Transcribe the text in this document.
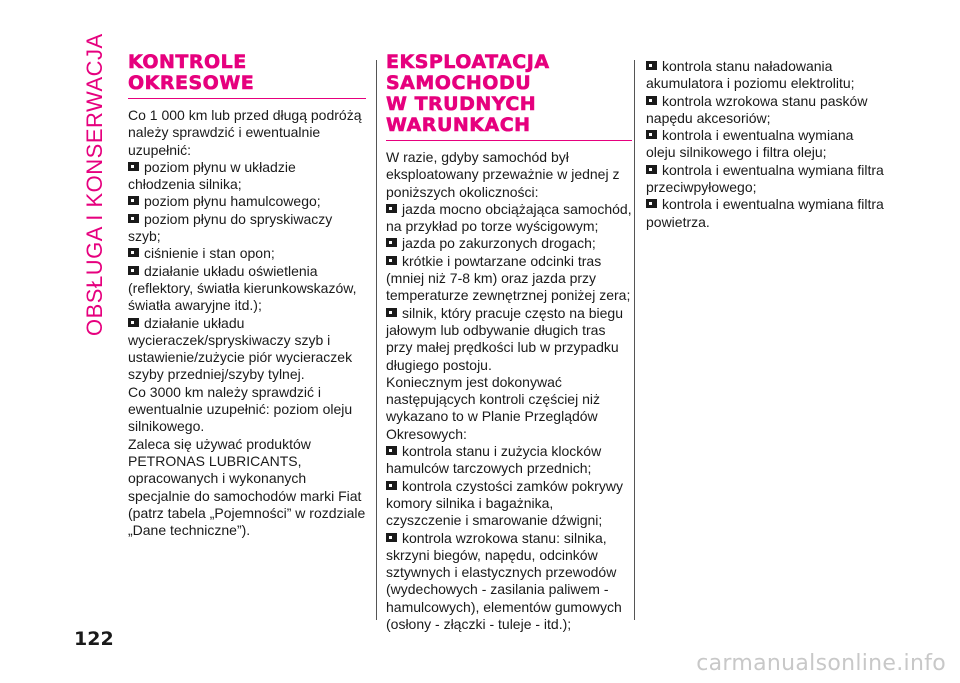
OBSŁUGA I KONSERWACJA KONTROLE
OKRESOWE

Co 1 000 km lub przed długą podróżą należy sprawdzić i ewentualnie uzupełnić:

poziom płynu w układzie chłodzenia silnika;

poziom płynu hamulcowego;

poziom płynu do spryskiwaczy szyb;

ciśnienie i stan opon;

działanie układu oświetlenia (reflektory, światła kierunkowskazów, światła awaryjne itd.);

działanie układu wycieraczek/spryskiwaczy szyb i ustawienie/zużycie piór wycieraczek szyby przedniej/szyby tylnej.

Co 3000 km należy sprawdzić i ewentualnie uzupełnić: poziom oleju silnikowego.

Zaleca się używać produktów PETRONAS LUBRICANTS, opracowanych i wykonanych specjalnie do samochodów marki Fiat (patrz tabela „Pojemności” w rozdziale „Dane techniczne”).

EKSPLOATACJA
SAMOCHODU
W TRUDNYCH
WARUNKACH

W razie, gdyby samochód był eksploatowany przeważnie w jednej z poniższych okoliczności:

jazda mocno obciążająca samochód, na przykład po torze wyścigowym;

jazda po zakurzonych drogach;

krótkie i powtarzane odcinki tras (mniej niż 7-8 km) oraz jazda przy temperaturze zewnętrznej poniżej zera;

silnik, który pracuje często na biegu jałowym lub odbywanie długich tras przy małej prędkości lub w przypadku długiego postoju.

Koniecznym jest dokonywać następujących kontroli częściej niż wykazano to w Planie Przeglądów Okresowych:

kontrola stanu i zużycia klocków hamulców tarczowych przednich;

kontrola czystości zamków pokrywy komory silnika i bagażnika, czyszczenie i smarowanie dźwigni;

kontrola wzrokowa stanu: silnika, skrzyni biegów, napędu, odcinków sztywnych i elastycznych przewodów (wydechowych - zasilania paliwem - hamulcowych), elementów gumowych (osłony - złączki - tuleje - itd.);

kontrola stanu naładowania akumulatora i poziomu elektrolitu;

kontrola wzrokowa stanu pasków napędu akcesoriów;

kontrola i ewentualna wymiana oleju silnikowego i filtra oleju;

kontrola i ewentualna wymiana filtra przeciwpyłowego;

kontrola i ewentualna wymiana filtra powietrza.

122
carmanualsonline.info
